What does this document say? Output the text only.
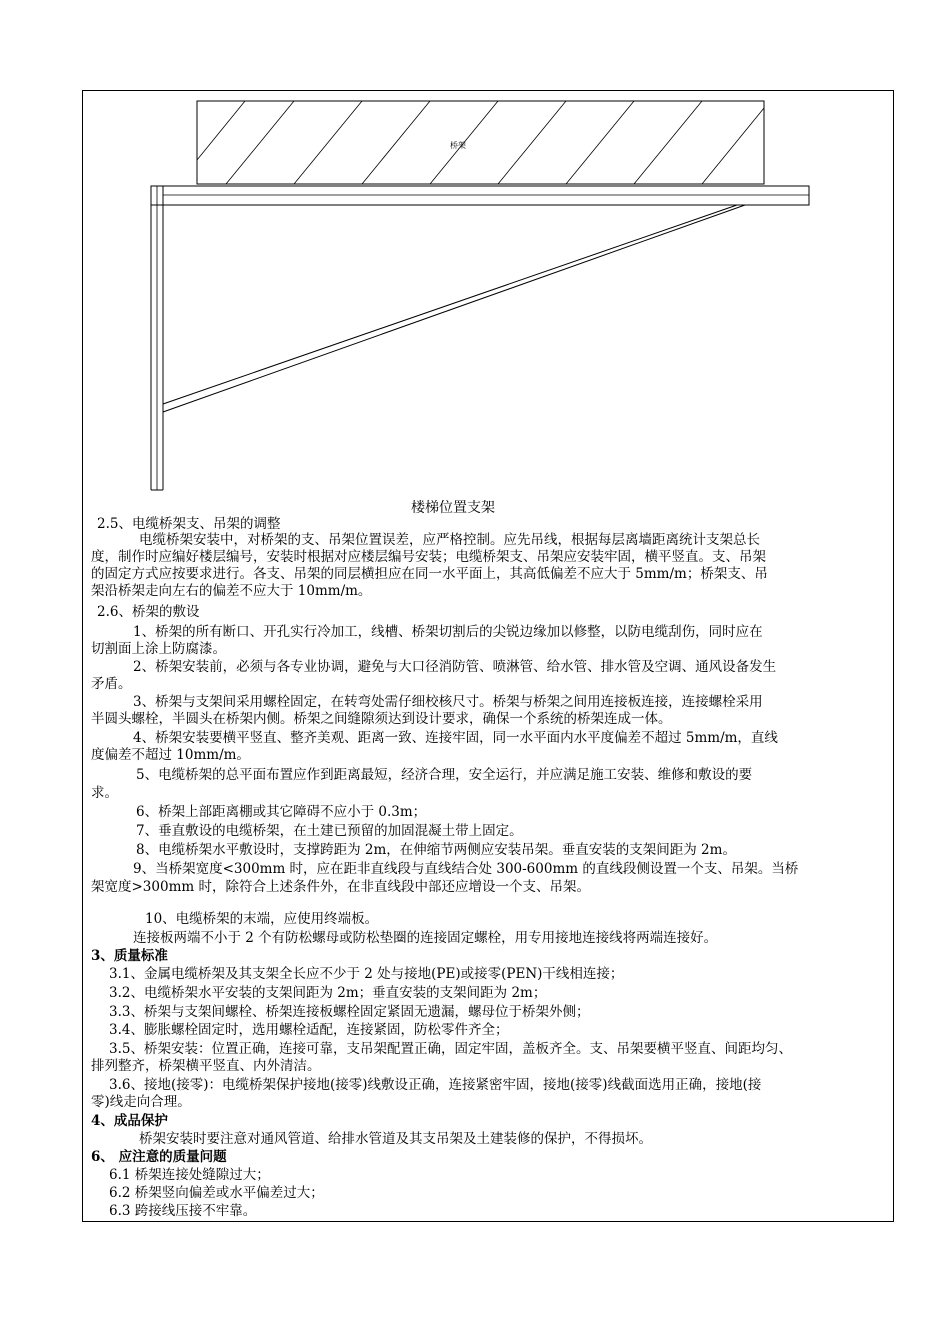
桥架
楼梯位置支架
2.5、电缆桥架支、吊架的调整
电缆桥架安装中，对桥架的支、吊架位置误差，应严格控制。应先吊线，根据每层离墙距离统计支架总长
度，制作时应编好楼层编号，安装时根据对应楼层编号安装；电缆桥架支、吊架应安装牢固，横平竖直。支、吊架
的固定方式应按要求进行。各支、吊架的同层横担应在同一水平面上，其高低偏差不应大于 5mm/m；桥架支、吊
架沿桥架走向左右的偏差不应大于 10mm/m。
2.6、桥架的敷设
1、桥架的所有断口、开孔实行冷加工，线槽、桥架切割后的尖锐边缘加以修整，以防电缆刮伤，同时应在
切割面上涂上防腐漆。
2、桥架安装前，必须与各专业协调，避免与大口径消防管、喷淋管、给水管、排水管及空调、通风设备发生
矛盾。
3、桥架与支架间采用螺栓固定，在转弯处需仔细校核尺寸。桥架与桥架之间用连接板连接，连接螺栓采用
半圆头螺栓，半圆头在桥架内侧。桥架之间缝隙须达到设计要求，确保一个系统的桥架连成一体。
4、桥架安装要横平竖直、整齐美观、距离一致、连接牢固，同一水平面内水平度偏差不超过 5mm/m，直线
度偏差不超过 10mm/m。
5、电缆桥架的总平面布置应作到距离最短，经济合理，安全运行，并应满足施工安装、维修和敷设的要
求。
6、桥架上部距离棚或其它障碍不应小于 0.3m；
7、垂直敷设的电缆桥架，在土建已预留的加固混凝土带上固定。
8、电缆桥架水平敷设时，支撑跨距为 2m，在伸缩节两侧应安装吊架。垂直安装的支架间距为 2m。
9、当桥架宽度<300mm 时，应在距非直线段与直线结合处 300-600mm 的直线段侧设置一个支、吊架。当桥
架宽度>300mm 时，除符合上述条件外，在非直线段中部还应增设一个支、吊架。
10、电缆桥架的末端，应使用终端板。
连接板两端不小于 2 个有防松螺母或防松垫圈的连接固定螺栓，用专用接地连接线将两端连接好。
3、质量标准
3.1、金属电缆桥架及其支架全长应不少于 2 处与接地(PE)或接零(PEN)干线相连接；
3.2、电缆桥架水平安装的支架间距为 2m；垂直安装的支架间距为 2m；
3.3、桥架与支架间螺栓、桥架连接板螺栓固定紧固无遗漏，螺母位于桥架外侧；
3.4、膨胀螺栓固定时，选用螺栓适配，连接紧固，防松零件齐全；
3.5、桥架安装：位置正确，连接可靠，支吊架配置正确，固定牢固，盖板齐全。支、吊架要横平竖直、间距均匀、
排列整齐，桥架横平竖直、内外清洁。
3.6、接地(接零)：电缆桥架保护接地(接零)线敷设正确，连接紧密牢固，接地(接零)线截面选用正确，接地(接
零)线走向合理。
4、成品保护
桥架安装时要注意对通风管道、给排水管道及其支吊架及土建装修的保护，不得损坏。
6、 应注意的质量问题
6.1 桥架连接处缝隙过大；
6.2 桥架竖向偏差或水平偏差过大；
6.3 跨接线压接不牢靠。
